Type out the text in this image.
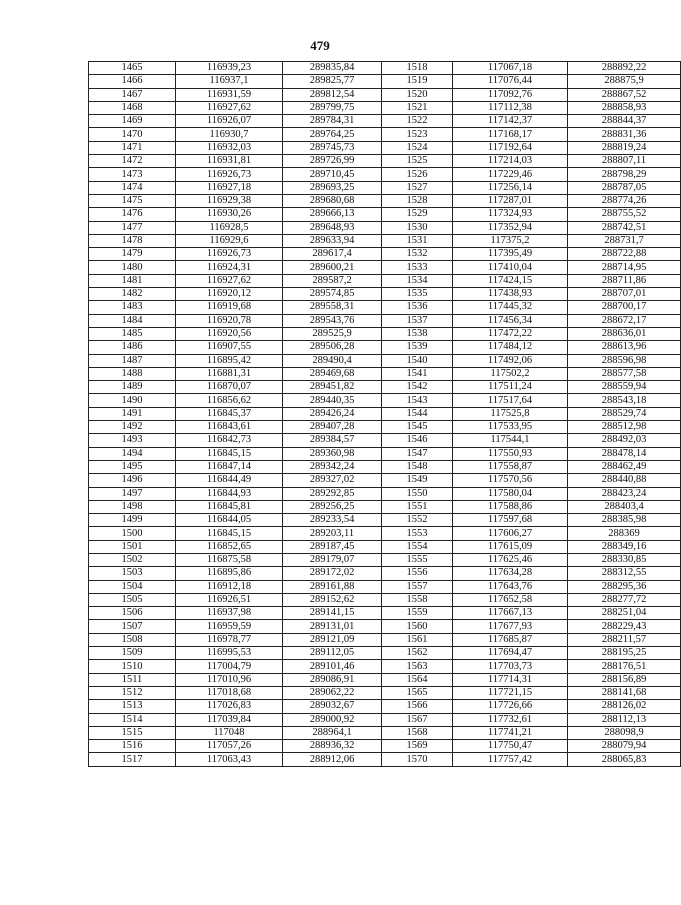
479
1465	116939,23	289835,84	1518	117067,18	288892,22
1466	116937,1	289825,77	1519	117076,44	288875,9
1467	116931,59	289812,54	1520	117092,76	288867,52
1468	116927,62	289799,75	1521	117112,38	288858,93
1469	116926,07	289784,31	1522	117142,37	288844,37
1470	116930,7	289764,25	1523	117168,17	288831,36
1471	116932,03	289745,73	1524	117192,64	288819,24
1472	116931,81	289726,99	1525	117214,03	288807,11
1473	116926,73	289710,45	1526	117229,46	288798,29
1474	116927,18	289693,25	1527	117256,14	288787,05
1475	116929,38	289680,68	1528	117287,01	288774,26
1476	116930,26	289666,13	1529	117324,93	288755,52
1477	116928,5	289648,93	1530	117352,94	288742,51
1478	116929,6	289633,94	1531	117375,2	288731,7
1479	116926,73	289617,4	1532	117395,49	288722,88
1480	116924,31	289600,21	1533	117410,04	288714,95
1481	116927,62	289587,2	1534	117424,15	288711,86
1482	116920,12	289574,85	1535	117438,93	288707,01
1483	116919,68	289558,31	1536	117445,32	288700,17
1484	116920,78	289543,76	1537	117456,34	288672,17
1485	116920,56	289525,9	1538	117472,22	288636,01
1486	116907,55	289506,28	1539	117484,12	288613,96
1487	116895,42	289490,4	1540	117492,06	288596,98
1488	116881,31	289469,68	1541	117502,2	288577,58
1489	116870,07	289451,82	1542	117511,24	288559,94
1490	116856,62	289440,35	1543	117517,64	288543,18
1491	116845,37	289426,24	1544	117525,8	288529,74
1492	116843,61	289407,28	1545	117533,95	288512,98
1493	116842,73	289384,57	1546	117544,1	288492,03
1494	116845,15	289360,98	1547	117550,93	288478,14
1495	116847,14	289342,24	1548	117558,87	288462,49
1496	116844,49	289327,02	1549	117570,56	288440,88
1497	116844,93	289292,85	1550	117580,04	288423,24
1498	116845,81	289256,25	1551	117588,86	288403,4
1499	116844,05	289233,54	1552	117597,68	288385,98
1500	116845,15	289203,11	1553	117606,27	288369
1501	116852,65	289187,45	1554	117615,09	288349,16
1502	116875,58	289179,07	1555	117625,46	288330,85
1503	116895,86	289172,02	1556	117634,28	288312,55
1504	116912,18	289161,88	1557	117643,76	288295,36
1505	116926,51	289152,62	1558	117652,58	288277,72
1506	116937,98	289141,15	1559	117667,13	288251,04
1507	116959,59	289131,01	1560	117677,93	288229,43
1508	116978,77	289121,09	1561	117685,87	288211,57
1509	116995,53	289112,05	1562	117694,47	288195,25
1510	117004,79	289101,46	1563	117703,73	288176,51
1511	117010,96	289086,91	1564	117714,31	288156,89
1512	117018,68	289062,22	1565	117721,15	288141,68
1513	117026,83	289032,67	1566	117726,66	288126,02
1514	117039,84	289000,92	1567	117732,61	288112,13
1515	117048	288964,1	1568	117741,21	288098,9
1516	117057,26	288936,32	1569	117750,47	288079,94
1517	117063,43	288912,06	1570	117757,42	288065,83
